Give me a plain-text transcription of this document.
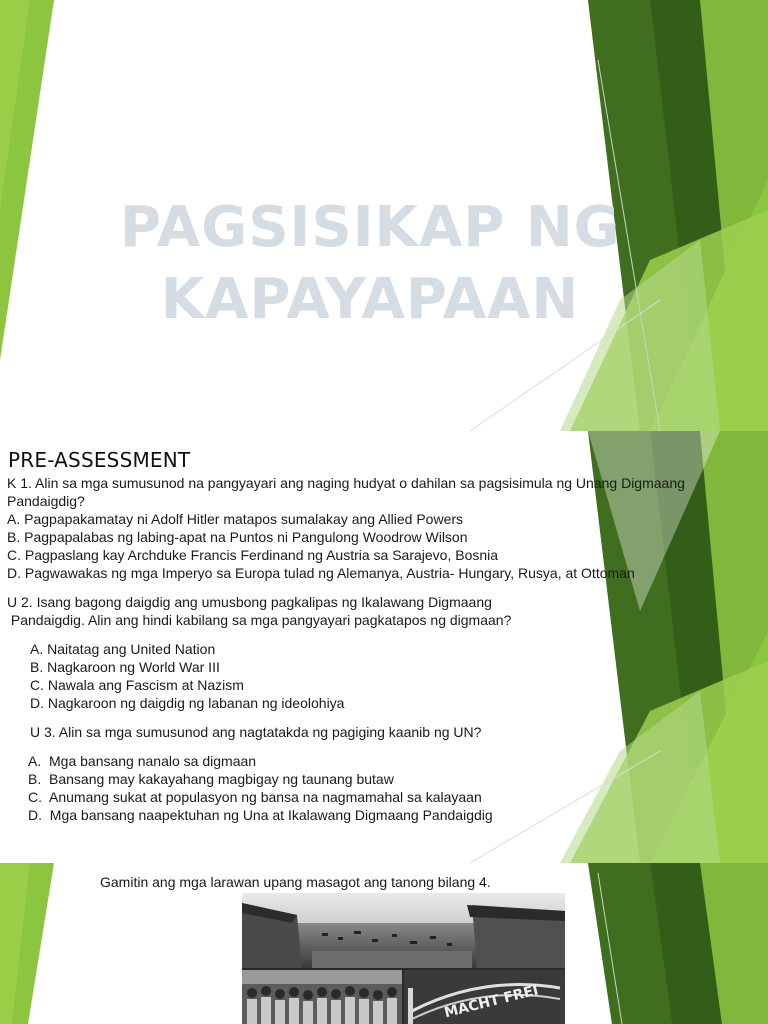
PAGSISIKAP NG
KAPAYAPAAN
PRE-ASSESSMENT
K 1. Alin sa mga sumusunod na pangyayari ang naging hudyat o dahilan sa pagsisimula ng Unang Digmaang
Pandaigdig?
A. Pagpapakamatay ni Adolf Hitler matapos sumalakay ang Allied Powers
B. Pagpapalabas ng labing-apat na Puntos ni Pangulong Woodrow Wilson
C. Pagpaslang kay Archduke Francis Ferdinand ng Austria sa Sarajevo, Bosnia
D. Pagwawakas ng mga Imperyo sa Europa tulad ng Alemanya, Austria- Hungary, Rusya, at Ottoman
U 2. Isang bagong daigdig ang umusbong pagkalipas ng Ikalawang Digmaang
Pandaigdig. Alin ang hindi kabilang sa mga pangyayari pagkatapos ng digmaan?
A. Naitatag ang United Nation
B. Nagkaroon ng World War III
C. Nawala ang Fascism at Nazism
D. Nagkaroon ng daigdig ng labanan ng ideolohiya
U 3. Alin sa mga sumusunod ang nagtatakda ng pagiging kaanib ng UN?
A.  Mga bansang nanalo sa digmaan
B.  Bansang may kakayahang magbigay ng taunang butaw
C.  Anumang sukat at populasyon ng bansa na nagmamahal sa kalayaan
D.  Mga bansang naapektuhan ng Una at Ikalawang Digmaang Pandaigdig
Gamitin ang mga larawan upang masagot ang tanong bilang 4.
MACHT FREI
